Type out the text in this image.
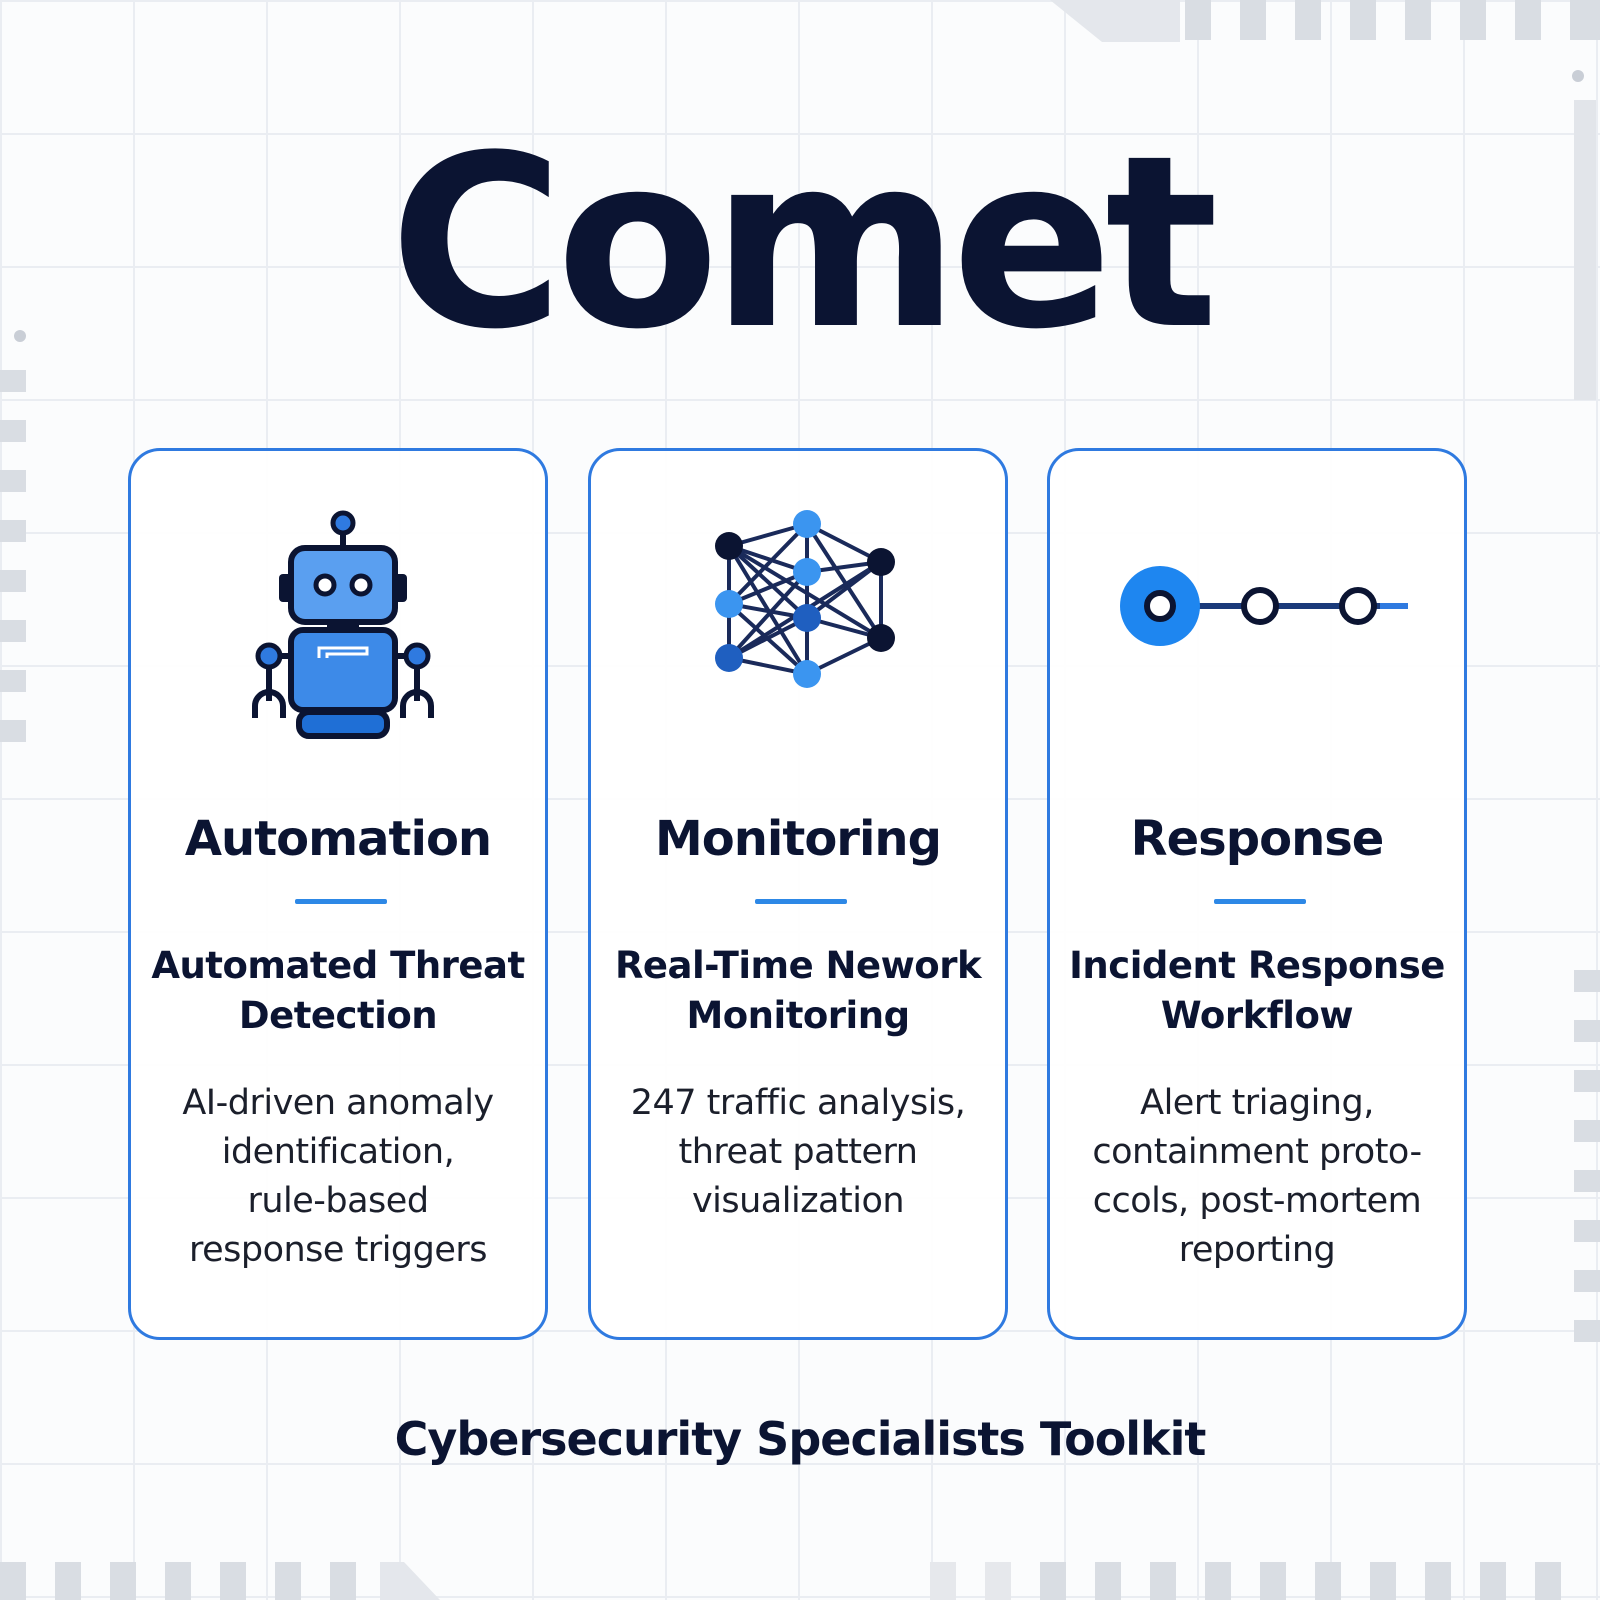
Comet
Automation
Automated Threat Detection
AI-driven anomaly
identification,
rule-based
response triggers
Monitoring
Real-Time Nework Monitoring
247 traffic analysis,
threat pattern
visualization
Response
Incident Response Workflow
Alert triaging,
containment proto-
ccols, post-mortem
reporting
Cybersecurity Specialists Toolkit
